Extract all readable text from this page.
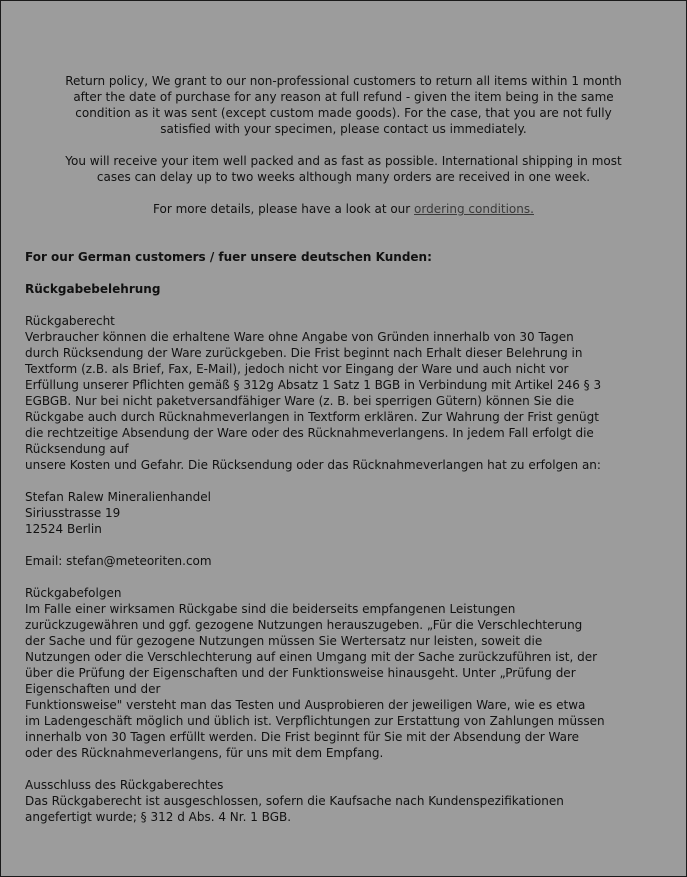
Return policy, We grant to our non-professional customers to return all items within 1 month
after the date of purchase for any reason at full refund - given the item being in the same
condition as it was sent (except custom made goods). For the case, that you are not fully
satisfied with your specimen, please contact us immediately.
You will receive your item well packed and as fast as possible. International shipping in most
cases can delay up to two weeks although many orders are received in one week.
For more details, please have a look at our ordering conditions.
For our German customers / fuer unsere deutschen Kunden:
Rückgabebelehrung
Rückgaberecht
Verbraucher können die erhaltene Ware ohne Angabe von Gründen innerhalb von 30 Tagen
durch Rücksendung der Ware zurückgeben. Die Frist beginnt nach Erhalt dieser Belehrung in
Textform (z.B. als Brief, Fax, E-Mail), jedoch nicht vor Eingang der Ware und auch nicht vor
Erfüllung unserer Pflichten gemäß § 312g Absatz 1 Satz 1 BGB in Verbindung mit Artikel 246 § 3
EGBGB. Nur bei nicht paketversandfähiger Ware (z. B. bei sperrigen Gütern) können Sie die
Rückgabe auch durch Rücknahmeverlangen in Textform erklären. Zur Wahrung der Frist genügt
die rechtzeitige Absendung der Ware oder des Rücknahmeverlangens. In jedem Fall erfolgt die
Rücksendung auf
unsere Kosten und Gefahr. Die Rücksendung oder das Rücknahmeverlangen hat zu erfolgen an:
Stefan Ralew Mineralienhandel
Siriusstrasse 19
12524 Berlin
Email: stefan@meteoriten.com
Rückgabefolgen
Im Falle einer wirksamen Rückgabe sind die beiderseits empfangenen Leistungen
zurückzugewähren und ggf. gezogene Nutzungen herauszugeben. „Für die Verschlechterung
der Sache und für gezogene Nutzungen müssen Sie Wertersatz nur leisten, soweit die
Nutzungen oder die Verschlechterung auf einen Umgang mit der Sache zurückzuführen ist, der
über die Prüfung der Eigenschaften und der Funktionsweise hinausgeht. Unter „Prüfung der
Eigenschaften und der
Funktionsweise" versteht man das Testen und Ausprobieren der jeweiligen Ware, wie es etwa
im Ladengeschäft möglich und üblich ist. Verpflichtungen zur Erstattung von Zahlungen müssen
innerhalb von 30 Tagen erfüllt werden. Die Frist beginnt für Sie mit der Absendung der Ware
oder des Rücknahmeverlangens, für uns mit dem Empfang.
Ausschluss des Rückgaberechtes
Das Rückgaberecht ist ausgeschlossen, sofern die Kaufsache nach Kundenspezifikationen
angefertigt wurde; § 312 d Abs. 4 Nr. 1 BGB.
